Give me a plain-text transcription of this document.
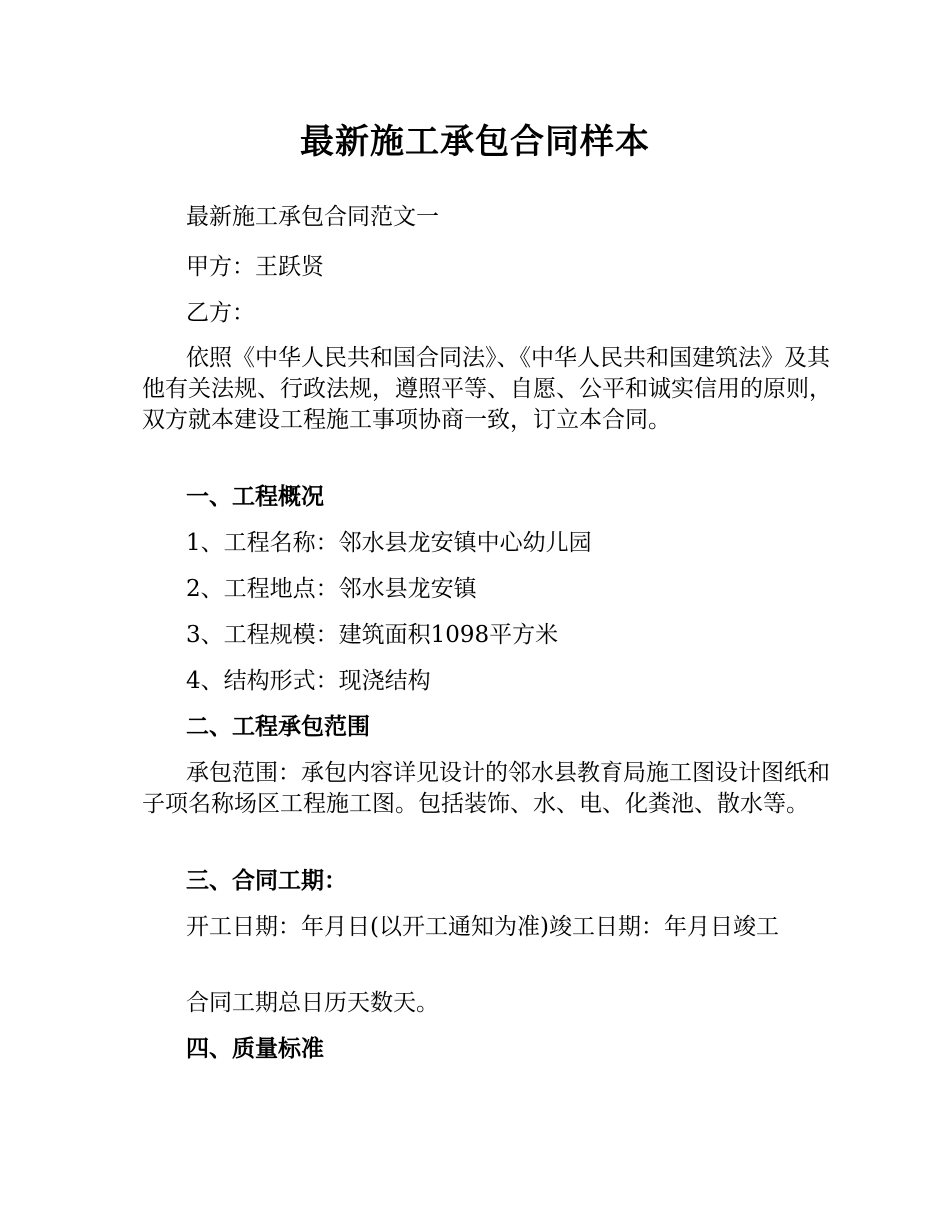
最新施工承包合同样本

最新施工承包合同范文一

甲方：王跃贤

乙方：

依照《中华人民共和国合同法》、《中华人民共和国建筑法》及其他有关法规、行政法规，遵照平等、自愿、公平和诚实信用的原则，双方就本建设工程施工事项协商一致，订立本合同。

一、工程概况

1、工程名称：邻水县龙安镇中心幼儿园

2、工程地点：邻水县龙安镇

3、工程规模：建筑面积1098平方米

4、结构形式：现浇结构

二、工程承包范围

承包范围：承包内容详见设计的邻水县教育局施工图设计图纸和子项名称场区工程施工图。包括装饰、水、电、化粪池、散水等。

三、合同工期：

开工日期：年月日(以开工通知为准)竣工日期：年月日竣工

合同工期总日历天数天。

四、质量标准
